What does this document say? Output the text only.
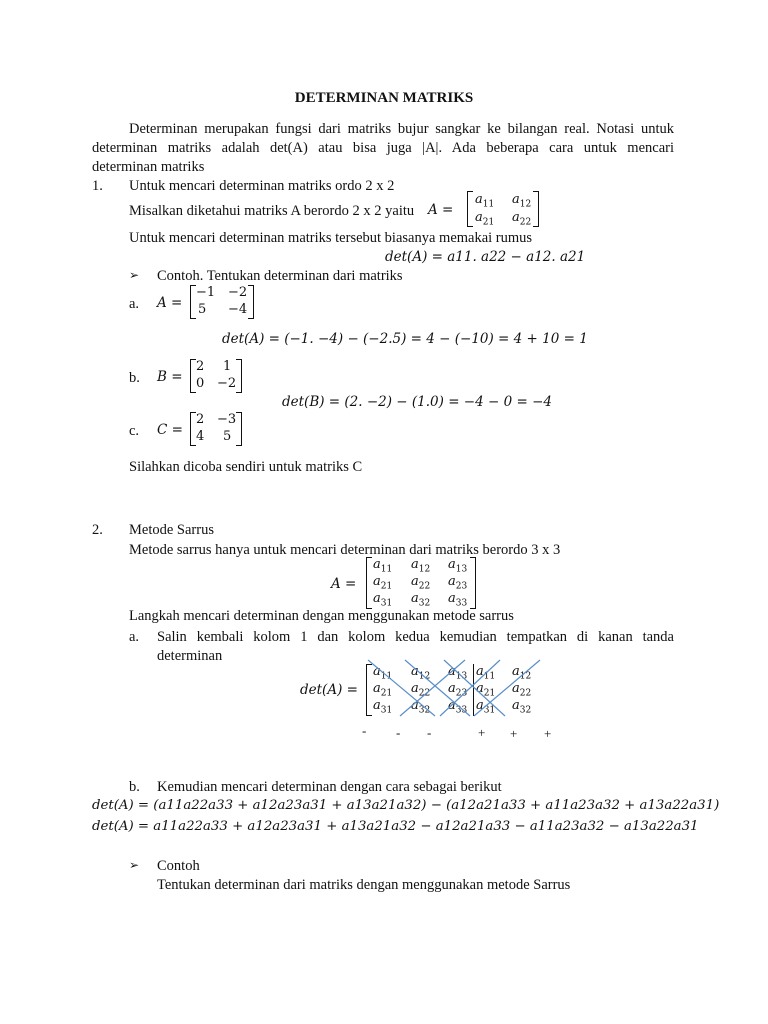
DETERMINAN MATRIKS
Determinan merupakan fungsi dari matriks bujur sangkar ke bilangan real. Notasi untuk
determinan matriks adalah det(A) atau bisa juga |A|. Ada beberapa cara untuk mencari
determinan matriks
1. Untuk mencari determinan matriks ordo 2 x 2
Misalkan diketahui matriks A berordo 2 x 2 yaitu A =
$a_{11}$ $a_{12}$
$a_{21}$ $a_{22}$
Untuk mencari determinan matriks tersebut biasanya memakai rumus
det(A) = a11. a22 − a12. a21
➢ Contoh. Tentukan determinan dari matriks
a. A =
−1 −2
5 −4
det(A) = (−1. −4) − (−2.5) = 4 − (−10) = 4 + 10 = 1
b. B =
2 1
0 −2
det(B) = (2. −2) − (1.0) = −4 − 0 = −4
c. C =
2 −3
4 5
Silahkan dicoba sendiri untuk matriks C
2. Metode Sarrus
Metode sarrus hanya untuk mencari determinan dari matriks berordo 3 x 3
A =
$a_{11}$ $a_{12}$ $a_{13}$
$a_{21}$ $a_{22}$ $a_{23}$
$a_{31}$ $a_{32}$ $a_{33}$
Langkah mencari determinan dengan menggunakan metode sarrus
a. Salin kembali kolom 1 dan kolom kedua kemudian tempatkan di kanan tanda
determinan
det(A) =
$a_{11}$ $a_{12}$ $a_{13}$
$a_{21}$ $a_{22}$ $a_{23}$
$a_{31}$ $a_{32}$ $a_{33}$
$a_{11}$ $a_{12}$
$a_{21}$ $a_{22}$
$a_{31}$ $a_{32}$
- - -	+ + +
b. Kemudian mencari determinan dengan cara sebagai berikut
det(A) = (a11a22a33 + a12a23a31 + a13a21a32) − (a12a21a33 + a11a23a32 + a13a22a31)
det(A) = a11a22a33 + a12a23a31 + a13a21a32 − a12a21a33 − a11a23a32 − a13a22a31
➢ Contoh
Tentukan determinan dari matriks dengan menggunakan metode Sarrus
